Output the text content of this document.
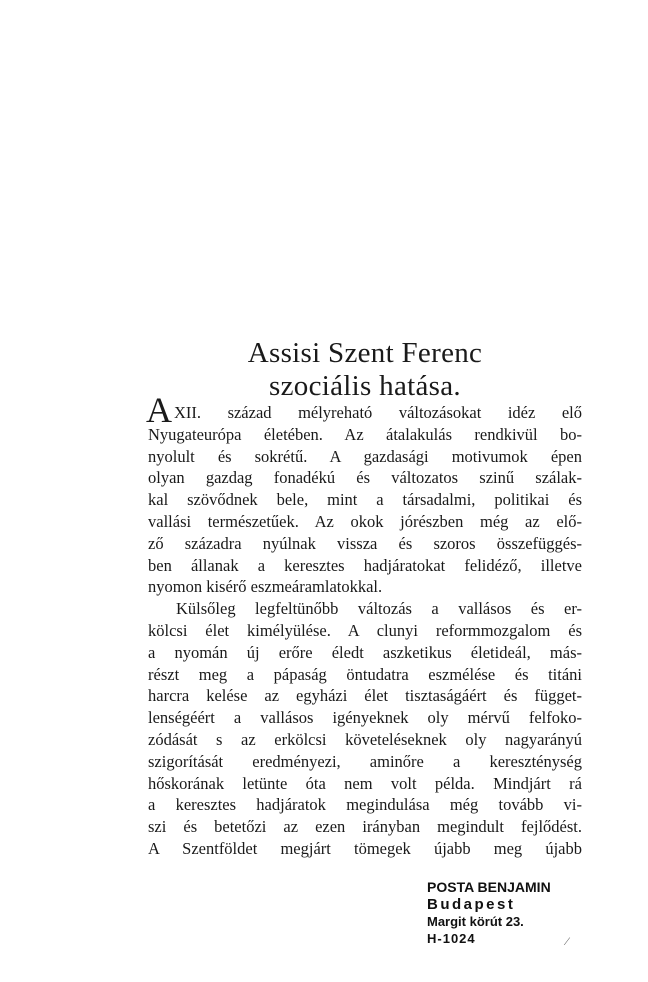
Assisi Szent Ferenc
szociális hatása.
A XII. század mélyreható változásokat idéz elő
Nyugateurópa életében. Az átalakulás rendkivül bo-
nyolult és sokrétű. A gazdasági motivumok épen
olyan gazdag fonadékú és változatos szinű szálak-
kal szövődnek bele, mint a társadalmi, politikai és
vallási természetűek. Az okok jórészben még az elő-
ző századra nyúlnak vissza és szoros összefüggés-
ben állanak a keresztes hadjáratokat felidéző, illetve
nyomon kisérő eszmeáramlatokkal.
Külsőleg legfeltünőbb változás a vallásos és er-
kölcsi élet kimélyülése. A clunyi reformmozgalom és
a nyomán új erőre éledt aszketikus életideál, más-
részt meg a pápaság öntudatra eszmélése és titáni
harcra kelése az egyházi élet tisztaságáért és függet-
lenségéért a vallásos igényeknek oly mérvű felfoko-
zódását s az erkölcsi követeléseknek oly nagyarányú
szigorítását eredményezi, aminőre a kereszténység
hőskorának letünte óta nem volt példa. Mindjárt rá
a keresztes hadjáratok megindulása még tovább vi-
szi és betetőzi az ezen irányban megindult fejlődést.
A Szentföldet megjárt tömegek újabb meg újabb
POSTA BENJAMIN
Budapest
Margit körút 23.
H-1024	⁄
